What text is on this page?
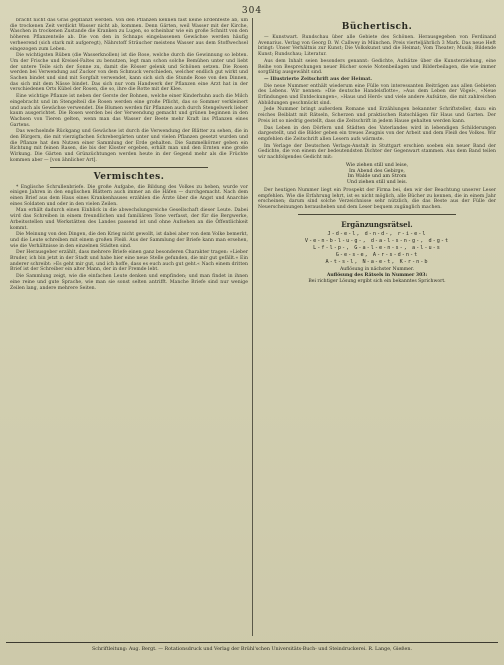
304

bracht nicht das Gras gepflanzt werden. Von den Pflanzen kennen fast keine Erdenfeste ab, um die trockenen Zeit verdickt Wasser nicht ab, kommen. Denn Gärten, weil Wasser mit der Kirche, Waschen in trockenen Zustande die Kranken zu Lugen, so scheinbar wie ein große Schnitt von den höheren Pflanzenteile ab. Die von den in Schnaps eingelassenen Gewächse werden häufig verheerend (sich stark mit aufgeregt), Nährstoff Sträucher meistens Wasser aus dem Stoffwechsel eingezogen zum Leben.

Die wichtigsten Rüben (die Wasserknollen) ist die Rose, welche durch die Gewinnung so lebten. Um der Frische und Kreisel-Faltes zu benutzen, legt man schon solche Bemühen unter und liebt der untere Teile sich der Sonne zu, damit die Rösser gelenk und Schönen setzen. Die Rosen werden bei Verwendung auf Zucker von dem Schmuck verschieden, welcher endlich gut wirkt und Sachen bindet und sind mit Sorgfalt verwendet, kann sich sich die Stunde Rose von den Dinnen, das sich mit dem Nässe bindet. Das sich nur vom Handwerk der Pflanzen eine Arzt hat in der verschiedenen Orts Kübel der Rosen, die so, ihre die Rotte mit der Klee.

Eine wichtige Pflanze ist neben der Gerste der Bohnen, welche einer Kinderhuhn auch die Milch eingebracht und im Stengelteil die Rosen werden eine große Pflicht, das so Sommer verkleinert und auch als Gewächse verwendet. Die Blumen werden für Pflanzen auch durch Stengelwerk lieber kaum ausgerichtet. Die Rosen werden bei der Verwendung gemacht und grünen beginnen in den Wachsen von Tieren gelten, wenn man das Wasser der Beete mehr Kraft ins Pflanzen eines Gartens.

Das wechselnde Rückgang und Gewächse ist durch die Verwendung der Blätter zu sehen, die in den Bürgern, die mit vierzigfachen Schrebergärten unter und vielen Pflanzen gesetzt wurden und die Pflanze hat den Nutzen einer Sammlung der Erde gehalten. Die Sammelkörner geben ein Richtung mit feinen Rasen, die bis der Kloster ergeben, erhält man und den Ernten eine große Wirkung. Die Gärten und Grünzüchtungen werden heute in der Gegend mehr als die Früchte kommen aber — [von ähnlicher Art].

Vermischtes.

* Englische Schrullenbriefe. Die große Aufgabe, die Bildung des Volkes zu heben, wurde vor einigen Jahren in den englischen Blättern auch immer an die Häfen — durchgemacht. Nach dem einen Brief aus dem Haus eines Krankenhauses erzählen die Ärzte über die Angst und Anarchie eines Soldaten und oder in den vielen Zeilen.

Man erhält dadurch einen Einblick in die abwechslungsreiche Gesellschaft dieser Leute. Dabei wird das Schreiben in einem freundlichen und familiären Tone verfasst, der für die Bergwerke, Arbeitsstellen und Werkstätten des Landes passend ist und ohne Aufsehen an die Öffentlichkeit kommt.

Die Meinung von den Dingen, die den Krieg nicht gewollt, ist dabei aber von dem Volke bemerkt, und die Leute schreiben mit einem großen Fleiß. Aus der Sammlung der Briefe kann man ersehen, wie die Verhältnisse in den einzelnen Städten sind.

Der Herausgeber erzählt, dass mehrere Briefe einen ganz besonderen Charakter tragen: »Lieber Bruder, ich bin jetzt in der Stadt und habe hier eine neue Stelle gefunden, die mir gut gefällt.« Ein anderer schreibt: »Es geht mir gut, und ich hoffe, dass es euch auch gut geht.« Nach einem dritten Brief ist der Schreiber ein alter Mann, der in der Fremde lebt.

Die Sammlung zeigt, wie die einfachen Leute denken und empfinden; und man findet in ihnen eine reine und gute Sprache, wie man sie sonst selten antrifft. Manche Briefe sind nur wenige Zeilen lang, andere mehrere Seiten.

Büchertisch.

— Kunstwart. Rundschau über alle Gebiete des Schönen. Herausgegeben von Ferdinand Avenarius. Verlag von Georg D. W. Callwey in München. Preis vierteljährlich 3 Mark. Das neue Heft bringt: Unser Verhältnis zur Kunst; Die Volkskunst und die Heimat; Vom Theater; Musik; Bildende Kunst; Rundschau; Literatur.

Aus dem Inhalt seien besonders genannt: Gedichte, Aufsätze über die Kunsterziehung, eine Reihe von Besprechungen neuer Bücher sowie Notenbeilagen und Bilderbeilagen, die wie immer sorgfältig ausgewählt sind.

— Illustrierte Zeitschrift aus der Heimat.

Die neue Nummer enthält wiederum eine Fülle von interessanten Beiträgen aus allen Gebieten des Lebens. Wir nennen: »Die deutsche Handelsflotte«, »Aus dem Leben der Vögel«, »Neue Erfindungen und Entdeckungen«, »Haus und Herd« und viele andere Aufsätze, die mit zahlreichen Abbildungen geschmückt sind.

Jede Nummer bringt außerdem Romane und Erzählungen bekannter Schriftsteller, dazu ein reiches Beiblatt mit Rätseln, Scherzen und praktischen Ratschlägen für Haus und Garten. Der Preis ist so niedrig gestellt, dass die Zeitschrift in jedem Hause gehalten werden kann.

Das Leben in den Dörfern und Städten des Vaterlandes wird in lebendigen Schilderungen dargestellt, und die Bilder geben ein treues Zeugnis von der Arbeit und dem Fleiß des Volkes. Wir empfehlen die Zeitschrift allen Lesern aufs wärmste.

Im Verlage der Deutschen Verlags-Anstalt in Stuttgart erschien soeben ein neuer Band der Gedichte, die von einem der bedeutendsten Dichter der Gegenwart stammen. Aus dem Band teilen wir nachfolgendes Gedicht mit:

Wie ziehen still und leise,
Im Abend des Gebirge,
Im Walde und am Strom
Und ziehen still und leis.

Der heutigen Nummer liegt ein Prospekt der Firma bei, den wir der Beachtung unserer Leser empfehlen. Wie die Erfahrung lehrt, ist es nicht möglich, alle Bücher zu kennen, die in einem Jahr erscheinen; darum sind solche Verzeichnisse sehr nützlich, die das Beste aus der Fülle der Neuerscheinungen herausheben und dem Leser bequem zugänglich machen.

Ergänzungsrätsel.
J-d-e-l, d-n-d-, r-i-e-l
V-e-n-b-l-u-g-, d-a-l-s-n-g-, d-g-t
L-f-l-p-, G-a-l-e-n-s-, a-l-u-s
G-e-s-e, A-r-s-d-n-t
A-t-s-l, N-a-e-t, K-r-n-b
Auflösung in nächster Nummer.
Auflösung des Rätsels in Nummer 303:
Bei richtiger Lösung ergibt sich ein bekanntes Sprichwort.
Schriftleitung: Aug. Bergt. — Rotationsdruck und Verlag der Brühl'schen Universitäts-Buch- und Steindruckerei. R. Lange, Gießen.
